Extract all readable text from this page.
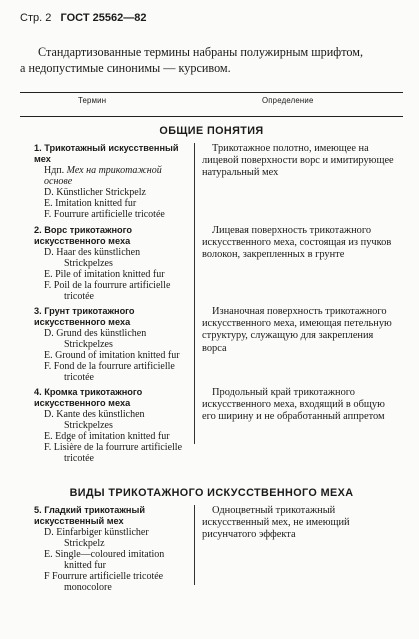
Стр. 2 ГОСТ 25562—82

Стандартизованные термины набраны полужирным шрифтом,

а недопустимые синонимы — курсивом.
Термин	Определение
ОБЩИЕ ПОНЯТИЯ
1. Трикотажный искусственный мех
Ндп. Мех на трикотажной основе
D. Künstlicher Strickpelz
E. Imitation knitted fur
F. Fourrure artificielle tricotée
Трикотажное полотно, имеющее на лицевой поверхности ворс и имитирующее натуральный мех
2. Ворс трикотажного искусственного меха
D. Haar des künstlichen Strickpelzes
E. Pile of imitation knitted fur
F. Poil de la fourrure artificielle tricotée
Лицевая поверхность трикотажного искусственного меха, состоящая из пучков волокон, закрепленных в грунте
3. Грунт трикотажного искусственного меха
D. Grund des künstlichen Strickpelzes
E. Ground of imitation knitted fur
F. Fond de la fourrure artificielle tricotée
Изнаночная поверхность трикотажного искусственного меха, имеющая петельную структуру, служащую для закрепления ворса
4. Кромка трикотажного искусственного меха
D. Kante des künstlichen Strickpelzes
E. Edge of imitation knitted fur
F. Lisière de la fourrure artificielle tricotée
Продольный край трикотажного искусственного меха, входящий в общую его ширину и не обработанный аппретом
ВИДЫ ТРИКОТАЖНОГО ИСКУССТВЕННОГО МЕХА
5. Гладкий трикотажный искусственный мех
D. Einfarbiger künstlicher Strickpelz
E. Single—coloured imitation knitted fur
F Fourrure artificielle tricotée monocolore
Одноцветный трикотажный искусственный мех, не имеющий рисунчатого эффекта
